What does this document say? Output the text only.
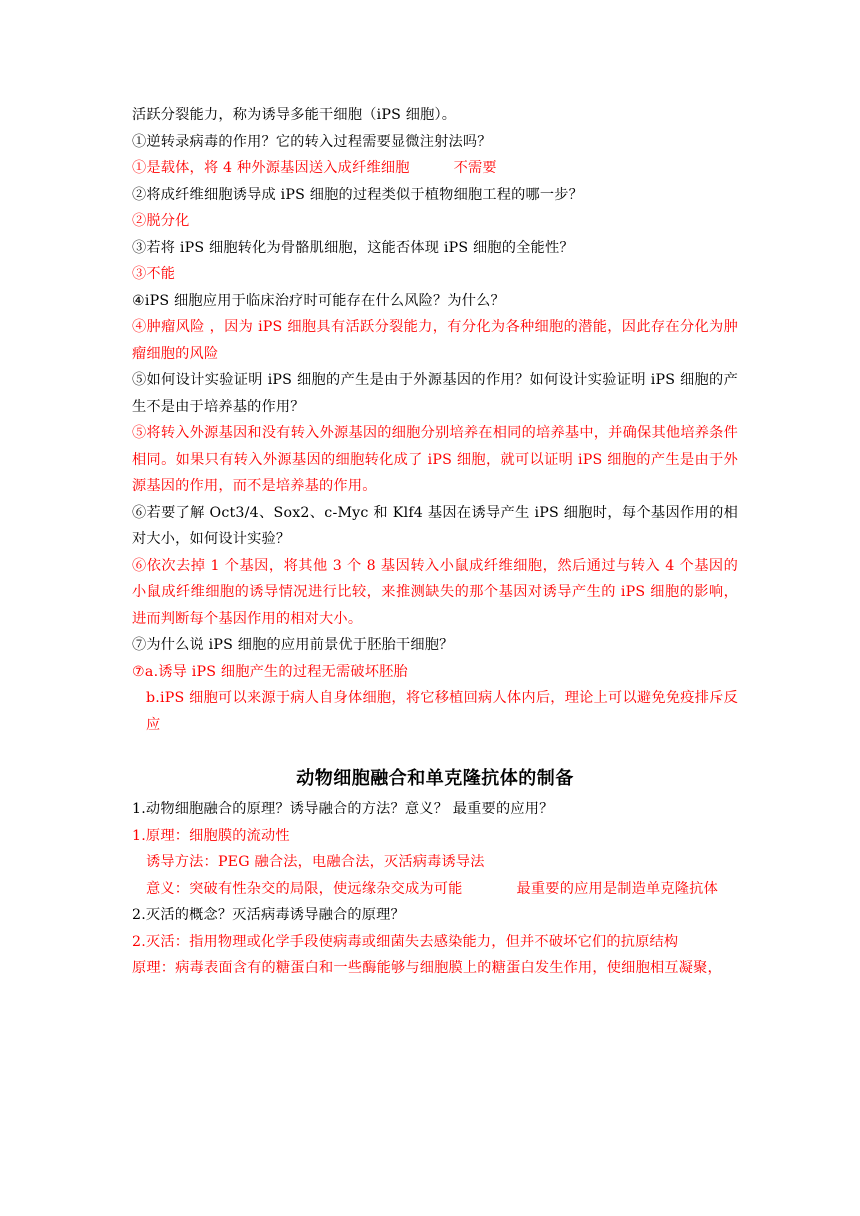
活跃分裂能力，称为诱导多能干细胞（iPS 细胞）。
①逆转录病毒的作用？它的转入过程需要显微注射法吗？
①是载体，将 4 种外源基因送入成纤维细胞	不需要
②将成纤维细胞诱导成 iPS 细胞的过程类似于植物细胞工程的哪一步？
②脱分化
③若将 iPS 细胞转化为骨骼肌细胞，这能否体现 iPS 细胞的全能性？
③不能
④iPS 细胞应用于临床治疗时可能存在什么风险？为什么？
④肿瘤风险 ，因为 iPS 细胞具有活跃分裂能力，有分化为各种细胞的潜能，因此存在分化为肿瘤细胞的风险
⑤如何设计实验证明 iPS 细胞的产生是由于外源基因的作用？如何设计实验证明 iPS 细胞的产生不是由于培养基的作用？
⑤将转入外源基因和没有转入外源基因的细胞分别培养在相同的培养基中，并确保其他培养条件相同。如果只有转入外源基因的细胞转化成了 iPS 细胞，就可以证明 iPS 细胞的产生是由于外源基因的作用，而不是培养基的作用。
⑥若要了解 Oct3/4、Sox2、c-Myc 和 Klf4 基因在诱导产生 iPS 细胞时，每个基因作用的相对大小，如何设计实验？
⑥依次去掉 1 个基因，将其他 3 个 8 基因转入小鼠成纤维细胞，然后通过与转入 4 个基因的小鼠成纤维细胞的诱导情况进行比较，来推测缺失的那个基因对诱导产生的 iPS 细胞的影响，进而判断每个基因作用的相对大小。
⑦为什么说 iPS 细胞的应用前景优于胚胎干细胞？
⑦a.诱导 iPS 细胞产生的过程无需破坏胚胎
b.iPS 细胞可以来源于病人自身体细胞，将它移植回病人体内后，理论上可以避免免疫排斥反应
动物细胞融合和单克隆抗体的制备
1.动物细胞融合的原理？诱导融合的方法？意义？ 最重要的应用？
1.原理：细胞膜的流动性
诱导方法：PEG 融合法，电融合法，灭活病毒诱导法
意义：突破有性杂交的局限，使远缘杂交成为可能	最重要的应用是制造单克隆抗体
2.灭活的概念？灭活病毒诱导融合的原理？
2.灭活：指用物理或化学手段使病毒或细菌失去感染能力，但并不破坏它们的抗原结构
原理：病毒表面含有的糖蛋白和一些酶能够与细胞膜上的糖蛋白发生作用，使细胞相互凝聚，
